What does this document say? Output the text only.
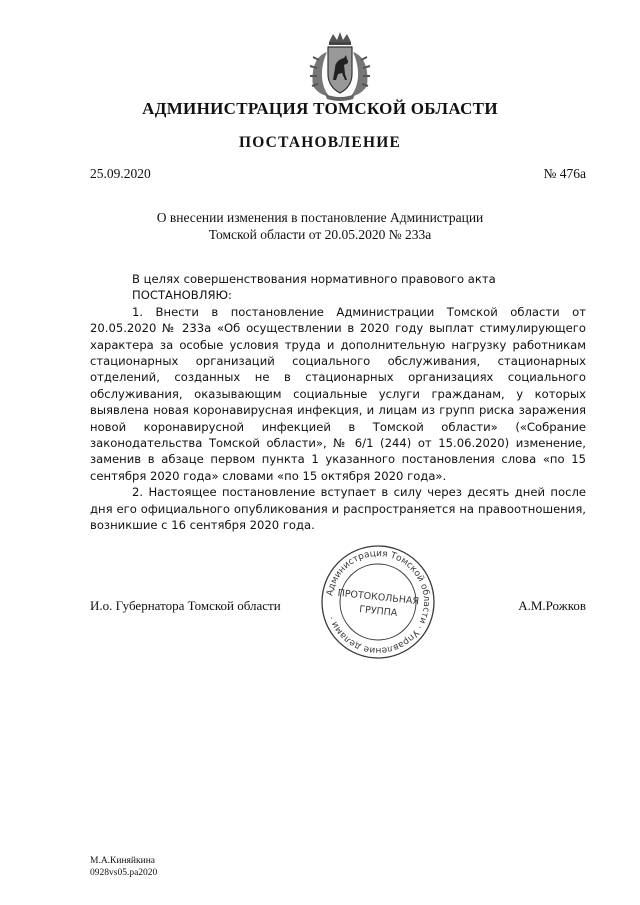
АДМИНИСТРАЦИЯ ТОМСКОЙ ОБЛАСТИ
ПОСТАНОВЛЕНИЕ
25.09.2020	№ 476а
О внесении изменения в постановление Администрации
Томской области от 20.05.2020 № 233а

В целях совершенствования нормативного правового акта

ПОСТАНОВЛЯЮ:

1. Внести в постановление Администрации Томской области от 20.05.2020 № 233а «Об осуществлении в 2020 году выплат стимулирующего характера за особые условия труда и дополнительную нагрузку работникам стационарных организаций социального обслуживания, стационарных отделений, созданных не в стационарных организациях социального обслуживания, оказывающим социальные услуги гражданам, у которых выявлена новая коронавирусная инфекция, и лицам из групп риска заражения новой коронавирусной инфекцией в Томской области» («Собрание законодательства Томской области», № 6/1 (244) от 15.06.2020) изменение, заменив в абзаце первом пункта 1 указанного постановления слова «по 15 сентября 2020 года» словами «по 15 октября 2020 года».

2. Настоящее постановление вступает в силу через десять дней после дня его официального опубликования и распространяется на правоотношения, возникшие с 16 сентября 2020 года.

И.о. Губернатора Томской области	А.М.Рожков
Администрация Томской области · Управление делами ·
ПРОТОКОЛЬНАЯ
ГРУППА
М.А.Киняйкина
0928vs05.pa2020
